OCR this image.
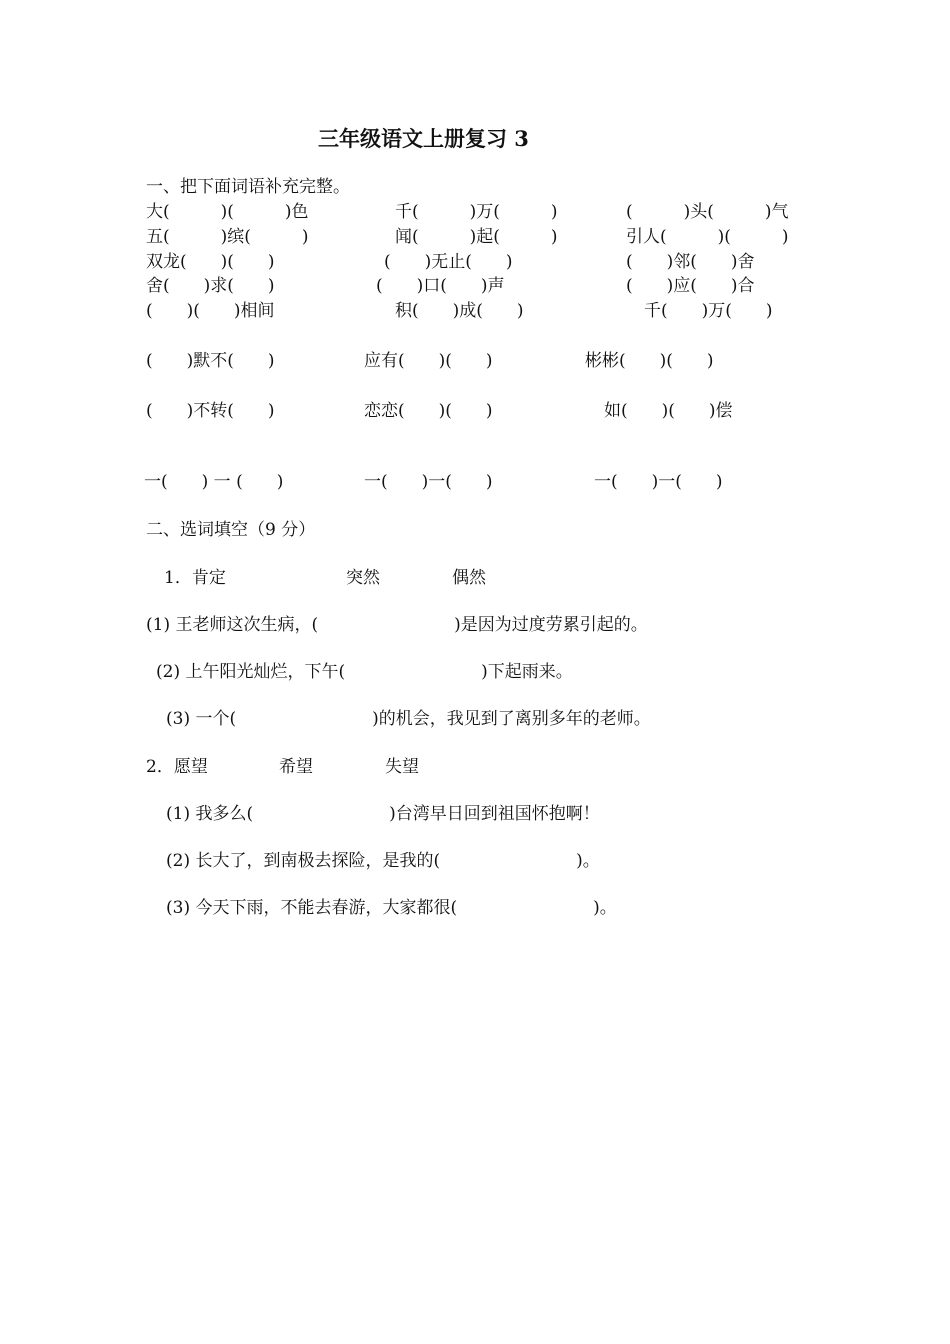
三年级语文上册复习 3
一、把下面词语补充完整。
大(　　　)(　　　)色	千(　　　)万(　　　)	(　　　)头(　　　)气
五(　　　)缤(　　　)	闻(　　　)起(　　　)	引人(　　　)(　　　)
双龙(　　)(　　)	(　　)无止(　　)	(　　)邻(　　)舍
舍(　　)求(　　)	(　　)口(　　)声	(　　)应(　　)合
(　　)(　　)相间	积(　　)成(　　)	千(　　)万(　　)
(　　)默不(　　)	应有(　　)(　　)	彬彬(　　)(　　)
(　　)不转(　　)	恋恋(　　)(　　)	如(　　)(　　)偿
一(　　) 一 (　　)	一(　　)一(　　)	一(　　)一(　　)
二、选词填空（9 分）
1．肯定	突然	偶然
(1) 王老师这次生病，(　　　　　　　　)是因为过度劳累引起的。
(2) 上午阳光灿烂，下午(　　　　　　　　)下起雨来。
(3) 一个(　　　　　　　　)的机会，我见到了离别多年的老师。
2．愿望	希望	失望
(1) 我多么(　　　　　　　　)台湾早日回到祖国怀抱啊！
(2) 长大了，到南极去探险，是我的(　　　　　　　　)。
(3) 今天下雨，不能去春游，大家都很(　　　　　　　　)。
